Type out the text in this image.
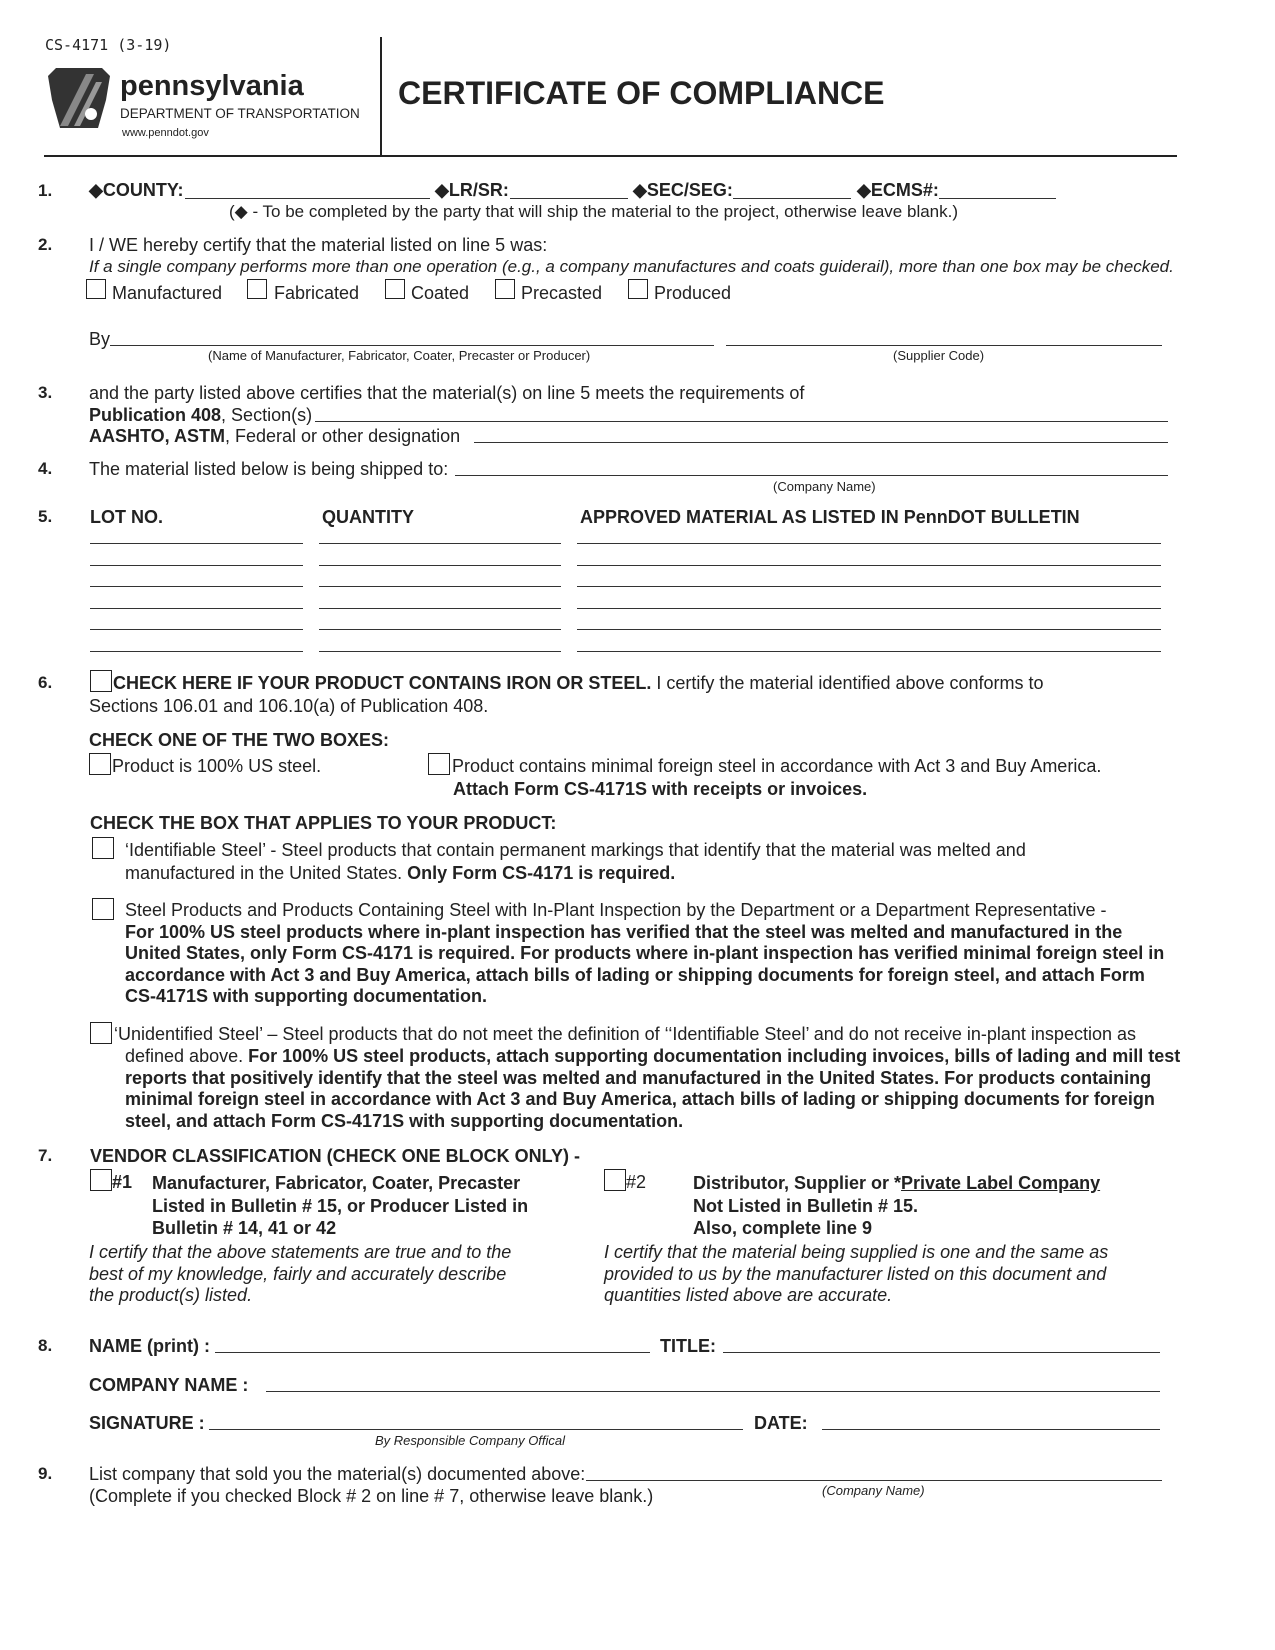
CS-4171 (3-19)
pennsylvania
DEPARTMENT OF TRANSPORTATION
www.penndot.gov
CERTIFICATE OF COMPLIANCE
1. ◆COUNTY:	◆LR/SR:	◆SEC/SEG:	◆ECMS#:
(◆ - To be completed by the party that will ship the material to the project, otherwise leave blank.)
2. I / WE hereby certify that the material listed on line 5 was:
If a single company performs more than one operation (e.g., a company manufactures and coats guiderail), more than one box may be checked.
Manufactured	Fabricated	Coated	Precasted	Produced
By
(Name of Manufacturer, Fabricator, Coater, Precaster or Producer)	(Supplier Code)
3. and the party listed above certifies that the material(s) on line 5 meets the requirements of
Publication 408, Section(s)
AASHTO, ASTM, Federal or other designation
4. The material listed below is being shipped to:
(Company Name)
5. LOT NO.	QUANTITY	APPROVED MATERIAL AS LISTED IN PennDOT BULLETIN
6.	CHECK HERE IF YOUR PRODUCT CONTAINS IRON OR STEEL. I certify the material identified above conforms to
Sections 106.01 and 106.10(a) of Publication 408.
CHECK ONE OF THE TWO BOXES:
Product is 100% US steel.	Product contains minimal foreign steel in accordance with Act 3 and Buy America.
Attach Form CS-4171S with receipts or invoices.
CHECK THE BOX THAT APPLIES TO YOUR PRODUCT:
‘Identifiable Steel’ - Steel products that contain permanent markings that identify that the material was melted and
manufactured in the United States. Only Form CS-4171 is required.
Steel Products and Products Containing Steel with In-Plant Inspection by the Department or a Department Representative -
For 100% US steel products where in-plant inspection has verified that the steel was melted and manufactured in the
United States, only Form CS-4171 is required. For products where in-plant inspection has verified minimal foreign steel in
accordance with Act 3 and Buy America, attach bills of lading or shipping documents for foreign steel, and attach Form
CS-4171S with supporting documentation.
‘Unidentified Steel’ – Steel products that do not meet the definition of ‘‘Identifiable Steel’ and do not receive in-plant inspection as
defined above. For 100% US steel products, attach supporting documentation including invoices, bills of lading and mill test
reports that positively identify that the steel was melted and manufactured in the United States. For products containing
minimal foreign steel in accordance with Act 3 and Buy America, attach bills of lading or shipping documents for foreign
steel, and attach Form CS-4171S with supporting documentation.
7. VENDOR CLASSIFICATION (CHECK ONE BLOCK ONLY) -
#1 Manufacturer, Fabricator, Coater, Precaster
Listed in Bulletin # 15, or Producer Listed in
Bulletin # 14, 41 or 42
I certify that the above statements are true and to the
best of my knowledge, fairly and accurately describe
the product(s) listed.
#2	Distributor, Supplier or *Private Label Company
Not Listed in Bulletin # 15.
Also, complete line 9
I certify that the material being supplied is one and the same as
provided to us by the manufacturer listed on this document and
quantities listed above are accurate.
8. NAME (print) :	TITLE:
COMPANY NAME :
SIGNATURE :	DATE:
By Responsible Company Offical
9. List company that sold you the material(s) documented above:
(Complete if you checked Block # 2 on line # 7, otherwise leave blank.)	(Company Name)
